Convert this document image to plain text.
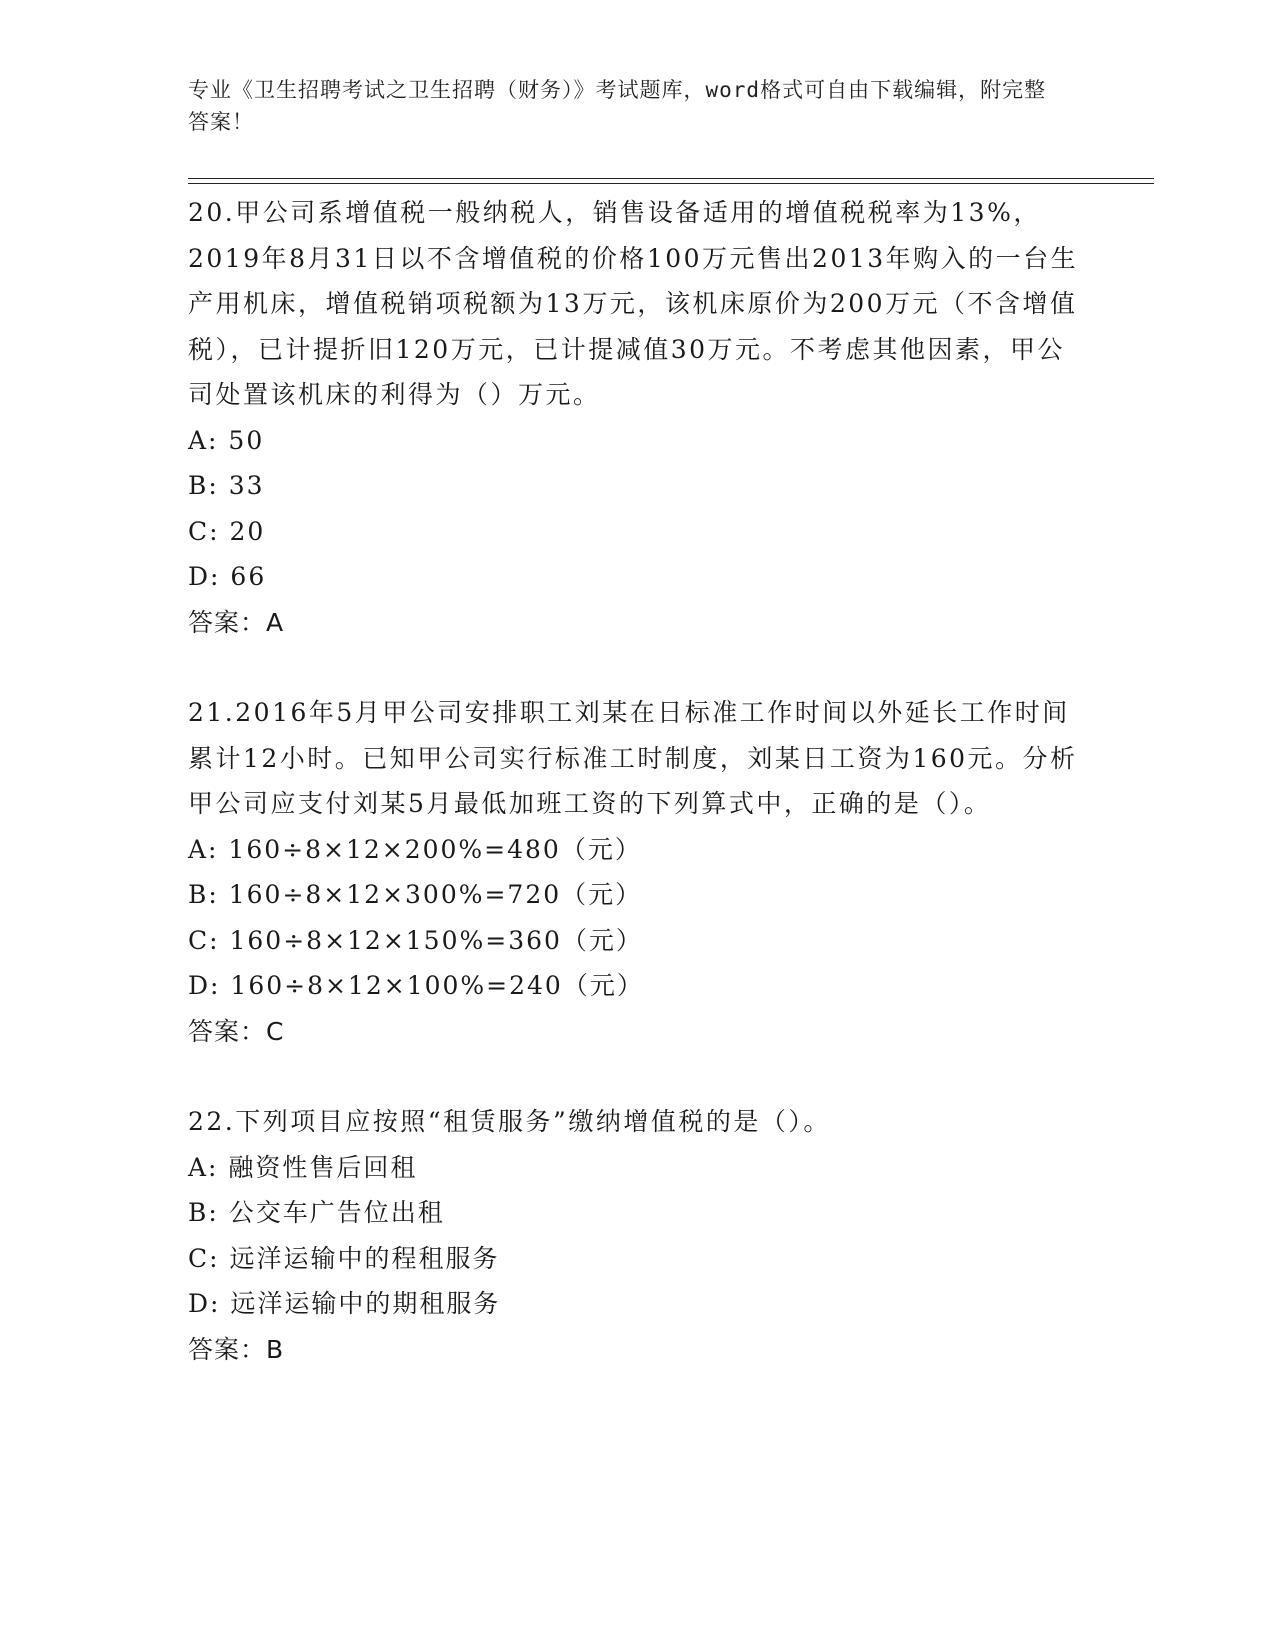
专业《卫生招聘考试之卫生招聘（财务）》考试题库，word格式可自由下载编辑，附完整答案！

20.甲公司系增值税一般纳税人，销售设备适用的增值税税率为13%，2019年8月31日以不含增值税的价格100万元售出2013年购入的一台生产用机床，增值税销项税额为13万元，该机床原价为200万元（不含增值税），已计提折旧120万元，已计提减值30万元。不考虑其他因素，甲公司处置该机床的利得为（）万元。

A: 50

B: 33

C: 20

D: 66

答案：A

21.2016年5月甲公司安排职工刘某在日标准工作时间以外延长工作时间累计12小时。已知甲公司实行标准工时制度，刘某日工资为160元。分析甲公司应支付刘某5月最低加班工资的下列算式中，正确的是（）。

A: 160÷8×12×200%=480（元）

B: 160÷8×12×300%=720（元）

C: 160÷8×12×150%=360（元）

D: 160÷8×12×100%=240（元）

答案：C

22.下列项目应按照“租赁服务”缴纳增值税的是（）。

A: 融资性售后回租

B: 公交车广告位出租

C: 远洋运输中的程租服务

D: 远洋运输中的期租服务

答案：B
